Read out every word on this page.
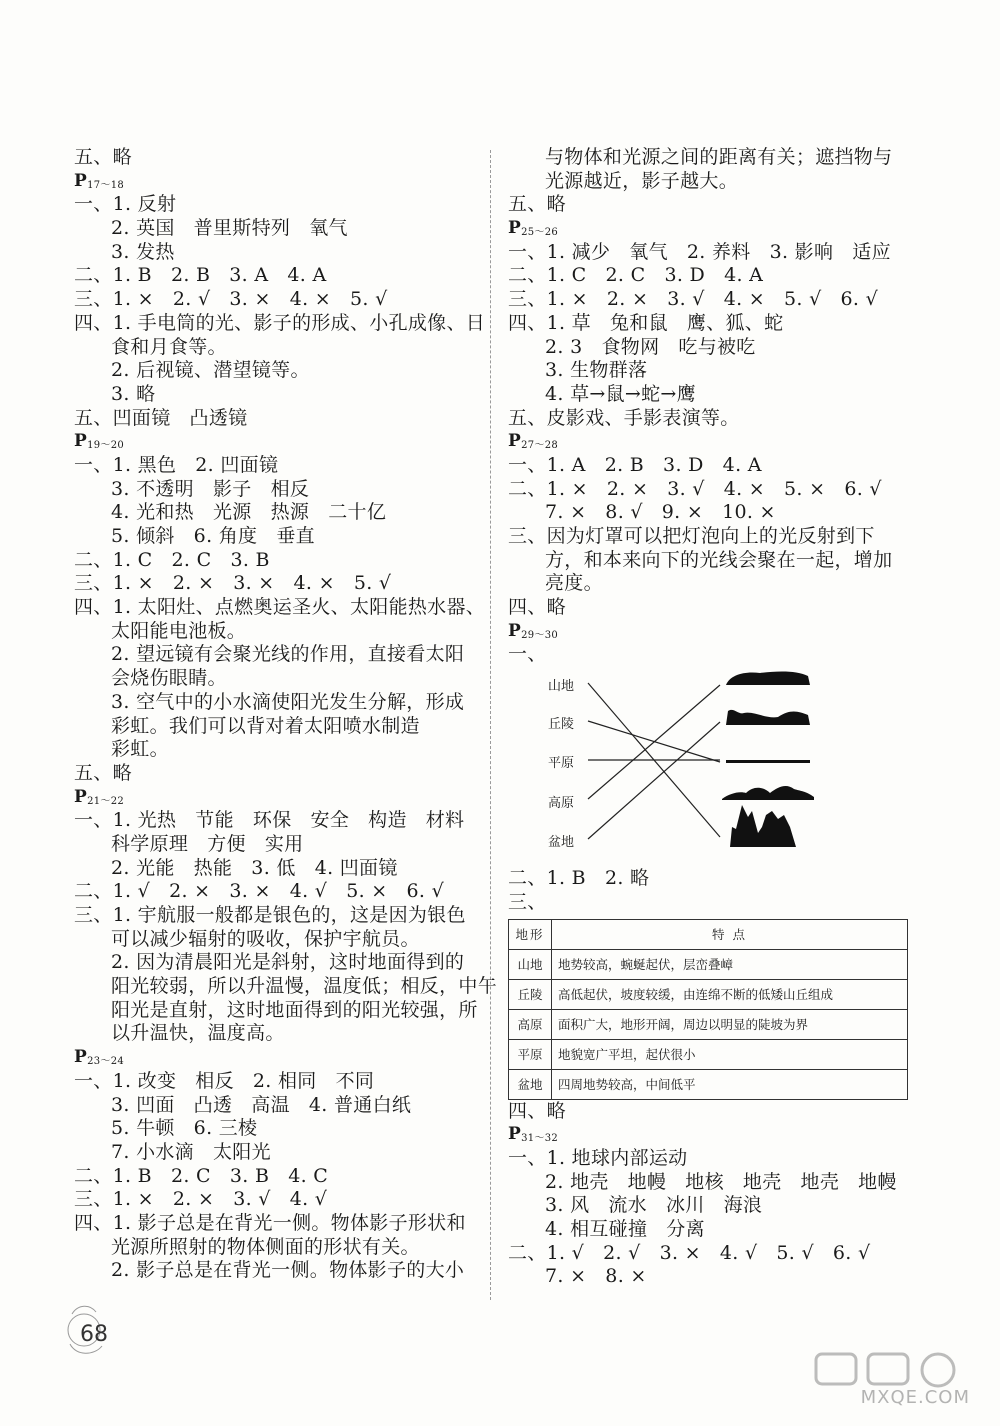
五、略
P17～18
一、1. 反射
2. 英国   普里斯特列   氧气
3. 发热
二、1. B   2. B   3. A   4. A
三、1. ×   2. √   3. ×   4. ×   5. √
四、1. 手电筒的光、影子的形成、小孔成像、日
食和月食等。
2. 后视镜、潜望镜等。
3. 略
五、凹面镜   凸透镜
P19～20
一、1. 黑色   2. 凹面镜
3. 不透明   影子   相反
4. 光和热   光源   热源   二十亿
5. 倾斜   6. 角度   垂直
二、1. C   2. C   3. B
三、1. ×   2. ×   3. ×   4. ×   5. √
四、1. 太阳灶、点燃奥运圣火、太阳能热水器、
太阳能电池板。
2. 望远镜有会聚光线的作用，直接看太阳
会烧伤眼睛。
3. 空气中的小水滴使阳光发生分解，形成
彩虹。我们可以背对着太阳喷水制造
彩虹。
五、略
P21～22
一、1. 光热   节能   环保   安全   构造   材料
科学原理   方便   实用
2. 光能   热能   3. 低   4. 凹面镜
二、1. √   2. ×   3. ×   4. √   5. ×   6. √
三、1. 宇航服一般都是银色的，这是因为银色
可以减少辐射的吸收，保护宇航员。
2. 因为清晨阳光是斜射，这时地面得到的
阳光较弱，所以升温慢，温度低；相反，中午
阳光是直射，这时地面得到的阳光较强，所
以升温快，温度高。
P23～24
一、1. 改变   相反   2. 相同   不同
3. 凹面   凸透   高温   4. 普通白纸
5. 牛顿   6. 三棱
7. 小水滴   太阳光
二、1. B   2. C   3. B   4. C
三、1. ×   2. ×   3. √   4. √
四、1. 影子总是在背光一侧。物体影子形状和
光源所照射的物体侧面的形状有关。
2. 影子总是在背光一侧。物体影子的大小
与物体和光源之间的距离有关；遮挡物与
光源越近，影子越大。
五、略
P25～26
一、1. 减少   氧气   2. 养料   3. 影响   适应
二、1. C   2. C   3. D   4. A
三、1. ×   2. ×   3. √   4. ×   5. √   6. √
四、1. 草   兔和鼠   鹰、狐、蛇
2. 3   食物网   吃与被吃
3. 生物群落
4. 草→鼠→蛇→鹰
五、皮影戏、手影表演等。
P27～28
一、1. A   2. B   3. D   4. A
二、1. ×   2. ×   3. √   4. ×   5. ×   6. √
7. ×   8. √   9. ×   10. ×
三、因为灯罩可以把灯泡向上的光反射到下
方，和本来向下的光线会聚在一起，增加
亮度。
四、略
P29～30
一、
山地
丘陵
平原
高原
盆地
二、1. B   2. 略
三、
地形	特 点
山地	地势较高，蜿蜒起伏，层峦叠嶂
丘陵	高低起伏，坡度较缓，由连绵不断的低矮山丘组成
高原	面积广大，地形开阔，周边以明显的陡坡为界
平原	地貌宽广平坦，起伏很小
盆地	四周地势较高，中间低平
四、略
P31～32
一、1. 地球内部运动
2. 地壳   地幔   地核   地壳   地壳   地幔
3. 风   流水   冰川   海浪
4. 相互碰撞   分离
二、1. √   2. √   3. ×   4. √   5. √   6. √
7. ×   8. ×
68
MXQE.COM
